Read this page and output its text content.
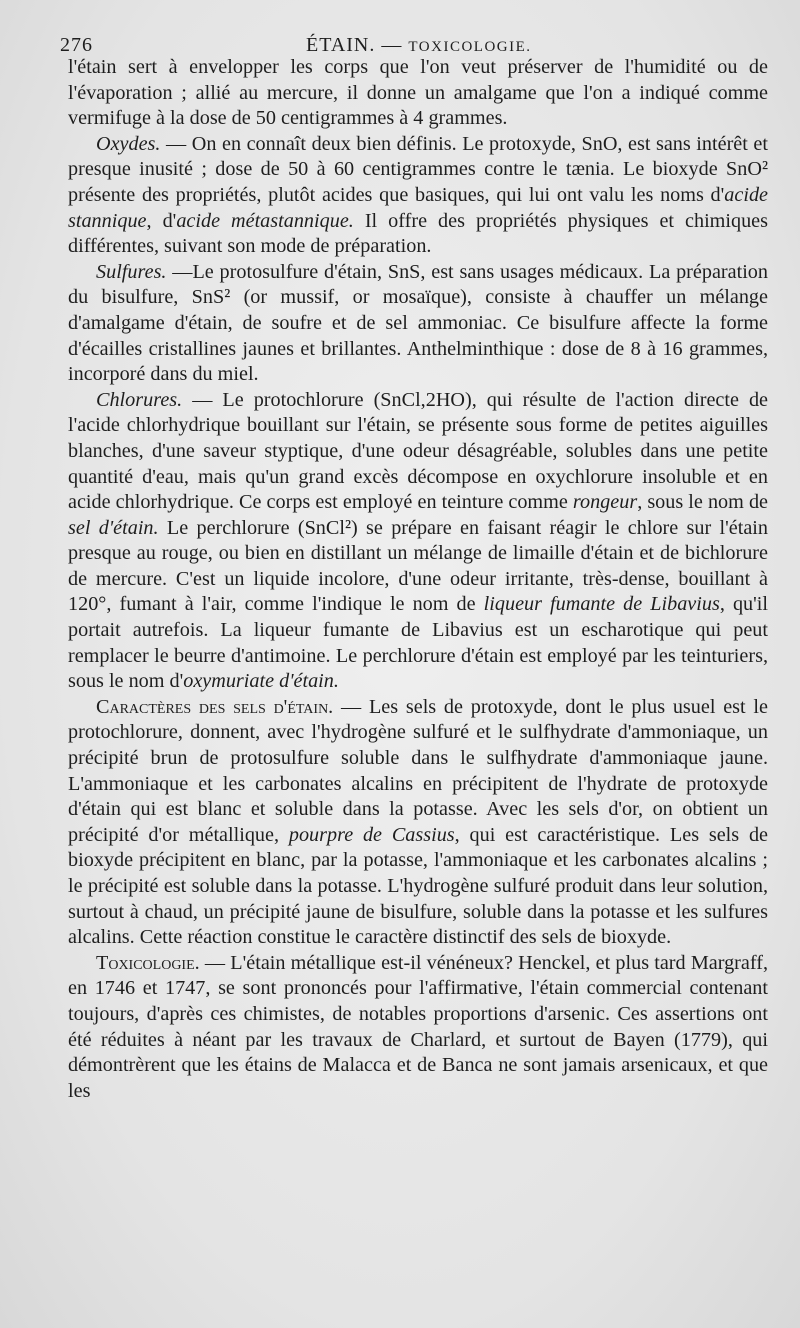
276	ÉTAIN. — TOXICOLOGIE.

l'étain sert à envelopper les corps que l'on veut préserver de l'humidité ou de l'évaporation ; allié au mercure, il donne un amalgame que l'on a indiqué comme vermifuge à la dose de 50 centigrammes à 4 grammes.

Oxydes. — On en connaît deux bien définis. Le protoxyde, SnO, est sans intérêt et presque inusité ; dose de 50 à 60 centigrammes contre le tænia. Le bioxyde SnO² présente des propriétés, plutôt acides que basiques, qui lui ont valu les noms d'acide stannique, d'acide métastannique. Il offre des propriétés physiques et chimiques différentes, suivant son mode de préparation.

Sulfures. —Le protosulfure d'étain, SnS, est sans usages médicaux. La préparation du bisulfure, SnS² (or mussif, or mosaïque), consiste à chauffer un mélange d'amalgame d'étain, de soufre et de sel ammoniac. Ce bisulfure affecte la forme d'écailles cristallines jaunes et brillantes. Anthelminthique : dose de 8 à 16 grammes, incorporé dans du miel.

Chlorures. — Le protochlorure (SnCl,2HO), qui résulte de l'action directe de l'acide chlorhydrique bouillant sur l'étain, se présente sous forme de petites aiguilles blanches, d'une saveur styptique, d'une odeur désagréable, solubles dans une petite quantité d'eau, mais qu'un grand excès décompose en oxychlorure insoluble et en acide chlorhydrique. Ce corps est employé en teinture comme rongeur, sous le nom de sel d'étain. Le perchlorure (SnCl²) se prépare en faisant réagir le chlore sur l'étain presque au rouge, ou bien en distillant un mélange de limaille d'étain et de bichlorure de mercure. C'est un liquide incolore, d'une odeur irritante, très-dense, bouillant à 120°, fumant à l'air, comme l'indique le nom de liqueur fumante de Libavius, qu'il portait autrefois. La liqueur fumante de Libavius est un escharotique qui peut remplacer le beurre d'antimoine. Le perchlorure d'étain est employé par les teinturiers, sous le nom d'oxymuriate d'étain.

Caractères des sels d'étain. — Les sels de protoxyde, dont le plus usuel est le protochlorure, donnent, avec l'hydrogène sulfuré et le sulfhydrate d'ammoniaque, un précipité brun de protosulfure soluble dans le sulfhydrate d'ammoniaque jaune. L'ammoniaque et les carbonates alcalins en précipitent de l'hydrate de protoxyde d'étain qui est blanc et soluble dans la potasse. Avec les sels d'or, on obtient un précipité d'or métallique, pourpre de Cassius, qui est caractéristique. Les sels de bioxyde précipitent en blanc, par la potasse, l'ammoniaque et les carbonates alcalins ; le précipité est soluble dans la potasse. L'hydrogène sulfuré produit dans leur solution, surtout à chaud, un précipité jaune de bisulfure, soluble dans la potasse et les sulfures alcalins. Cette réaction constitue le caractère distinctif des sels de bioxyde.

Toxicologie. — L'étain métallique est-il vénéneux? Henckel, et plus tard Margraff, en 1746 et 1747, se sont prononcés pour l'affirmative, l'étain commercial contenant toujours, d'après ces chimistes, de notables proportions d'arsenic. Ces assertions ont été réduites à néant par les travaux de Charlard, et surtout de Bayen (1779), qui démontrèrent que les étains de Malacca et de Banca ne sont jamais arsenicaux, et que les
